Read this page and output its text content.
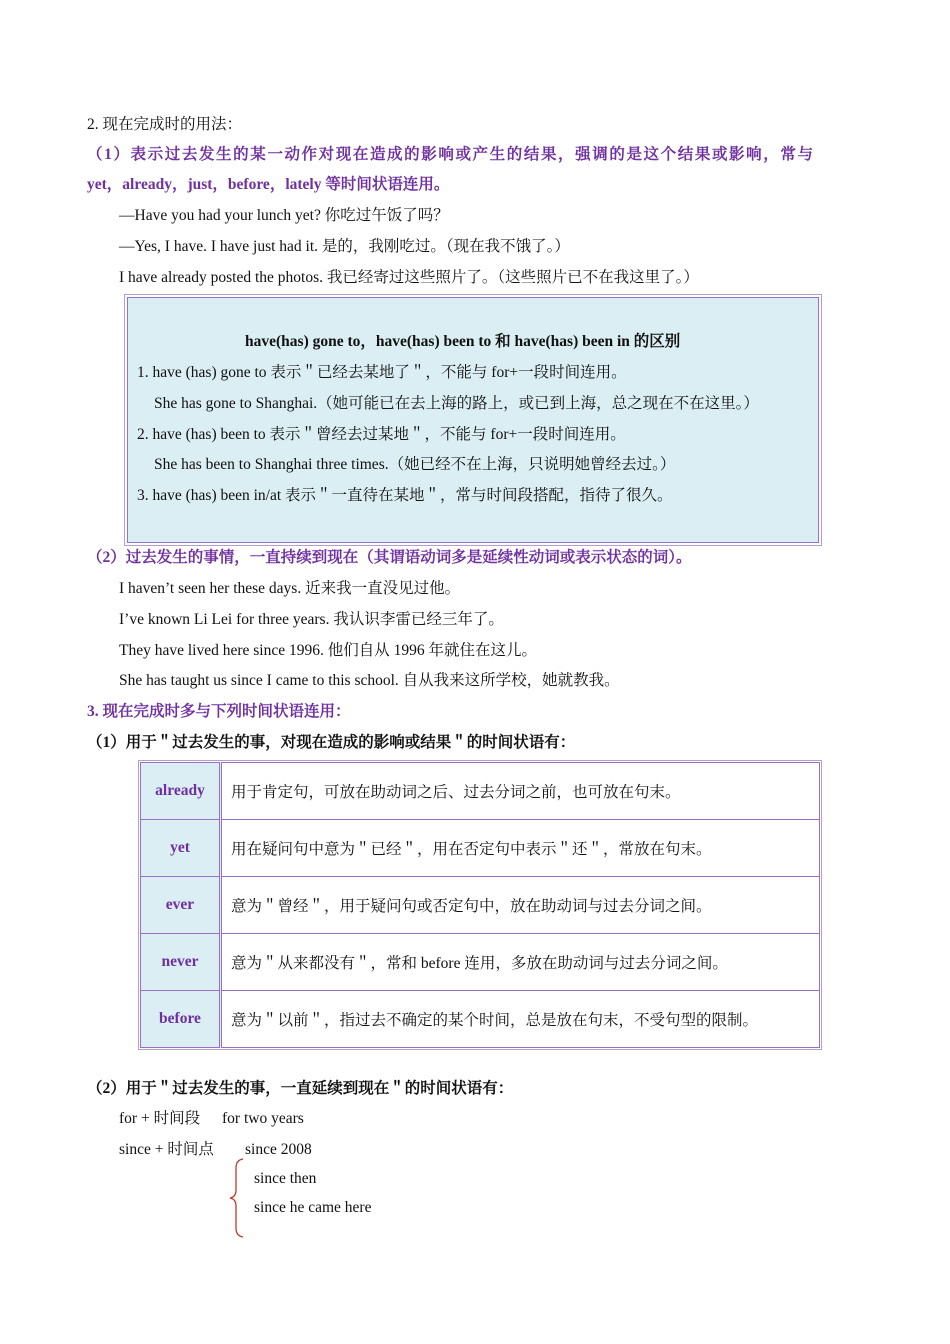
2. 现在完成时的用法：
（1）表示过去发生的某一动作对现在造成的影响或产生的结果，强调的是这个结果或影响，常与
yet，already，just，before，lately 等时间状语连用。
—Have you had your lunch yet? 你吃过午饭了吗？
—Yes, I have. I have just had it. 是的，我刚吃过。（现在我不饿了。）
I have already posted the photos. 我已经寄过这些照片了。（这些照片已不在我这里了。）
have(has) gone to，have(has) been to 和 have(has) been in 的区别
1. have (has) gone to 表示＂已经去某地了＂，不能与 for+一段时间连用。
She has gone to Shanghai.（她可能已在去上海的路上，或已到上海，总之现在不在这里。）
2. have (has) been to 表示＂曾经去过某地＂，不能与 for+一段时间连用。
She has been to Shanghai three times.（她已经不在上海，只说明她曾经去过。）
3. have (has) been in/at 表示＂一直待在某地＂，常与时间段搭配，指待了很久。
（2）过去发生的事情，一直持续到现在（其谓语动词多是延续性动词或表示状态的词）。
I haven’t seen her these days. 近来我一直没见过他。
I’ve known Li Lei for three years. 我认识李雷已经三年了。
They have lived here since 1996. 他们自从 1996 年就住在这儿。
She has taught us since I came to this school. 自从我来这所学校，她就教我。
3. 现在完成时多与下列时间状语连用：
（1）用于＂过去发生的事，对现在造成的影响或结果＂的时间状语有：
already	用于肯定句，可放在助动词之后、过去分词之前，也可放在句末。
yet	用在疑问句中意为＂已经＂，用在否定句中表示＂还＂，常放在句末。
ever	意为＂曾经＂，用于疑问句或否定句中，放在助动词与过去分词之间。
never	意为＂从来都没有＂，常和 before 连用，多放在助动词与过去分词之间。
before	意为＂以前＂，指过去不确定的某个时间，总是放在句末，不受句型的限制。
（2）用于＂过去发生的事，一直延续到现在＂的时间状语有：
for + 时间段 for two years
since + 时间点 since 2008
since then
since he came here
